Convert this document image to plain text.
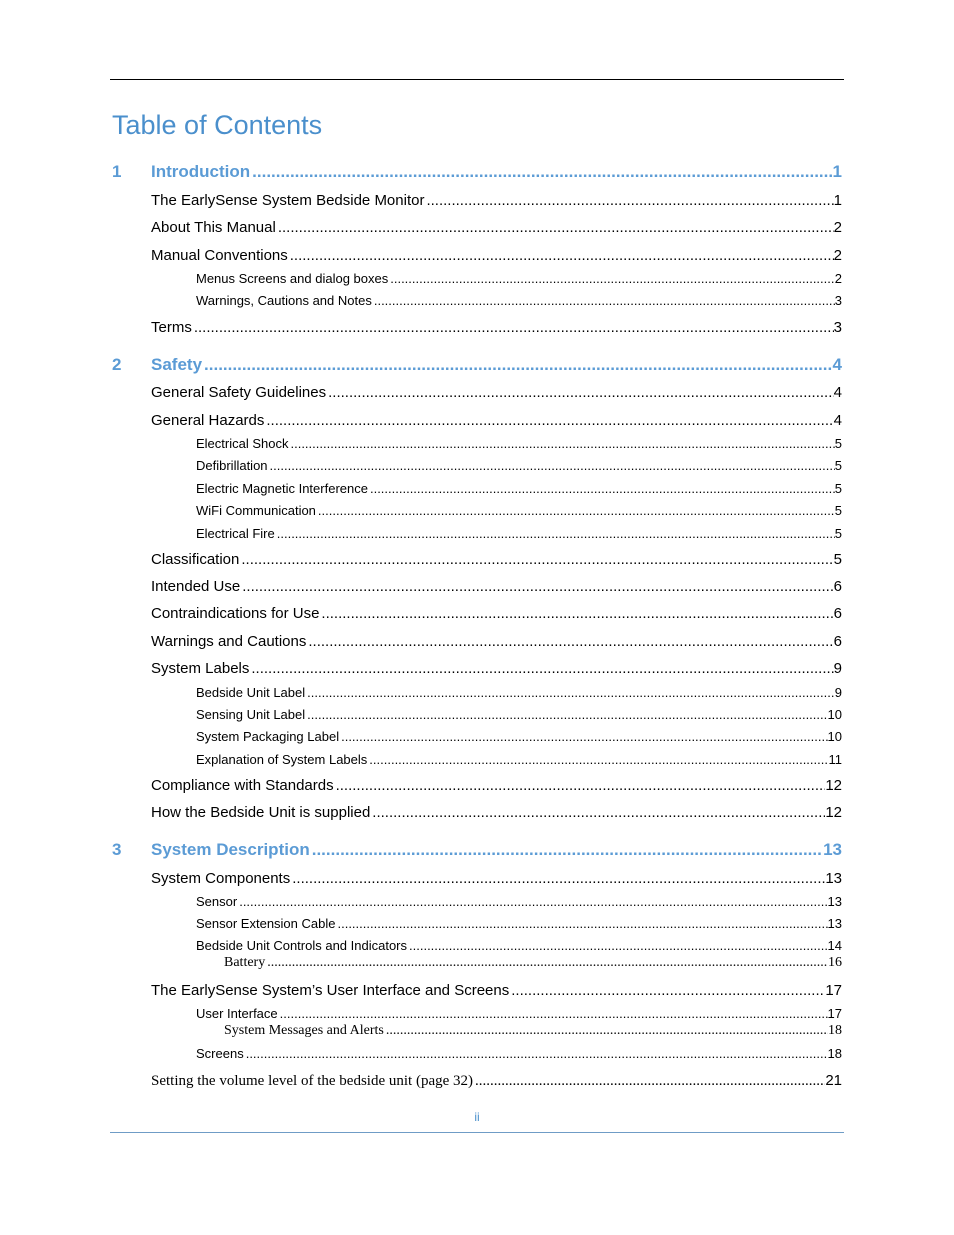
Table of Contents
1 Introduction .....	1
The EarlySense System Bedside Monitor .....	1
About This Manual .....	2
Manual Conventions .....	2
Menus Screens and dialog boxes .....	2
Warnings, Cautions and Notes .....	3
Terms .....	3
2 Safety .....	4
General Safety Guidelines .....	4
General Hazards .....	4
Electrical Shock .....	5
Defibrillation .....	5
Electric Magnetic Interference .....	5
WiFi Communication .....	5
Electrical Fire .....	5
Classification .....	5
Intended Use .....	6
Contraindications for Use .....	6
Warnings and Cautions .....	6
System Labels .....	9
Bedside Unit Label .....	9
Sensing Unit Label .....	10
System Packaging Label .....	10
Explanation of System Labels .....	11
Compliance with Standards .....	12
How the Bedside Unit is supplied .....	12
3 System Description .....	13
System Components .....	13
Sensor .....	13
Sensor Extension Cable .....	13
Bedside Unit Controls and Indicators .....	14
Battery .....	16
The EarlySense System’s User Interface and Screens .....	17
User Interface .....	17
System Messages and Alerts .....	18
Screens .....	18
Setting the volume level of the bedside unit (page 32) .....	21
ii
